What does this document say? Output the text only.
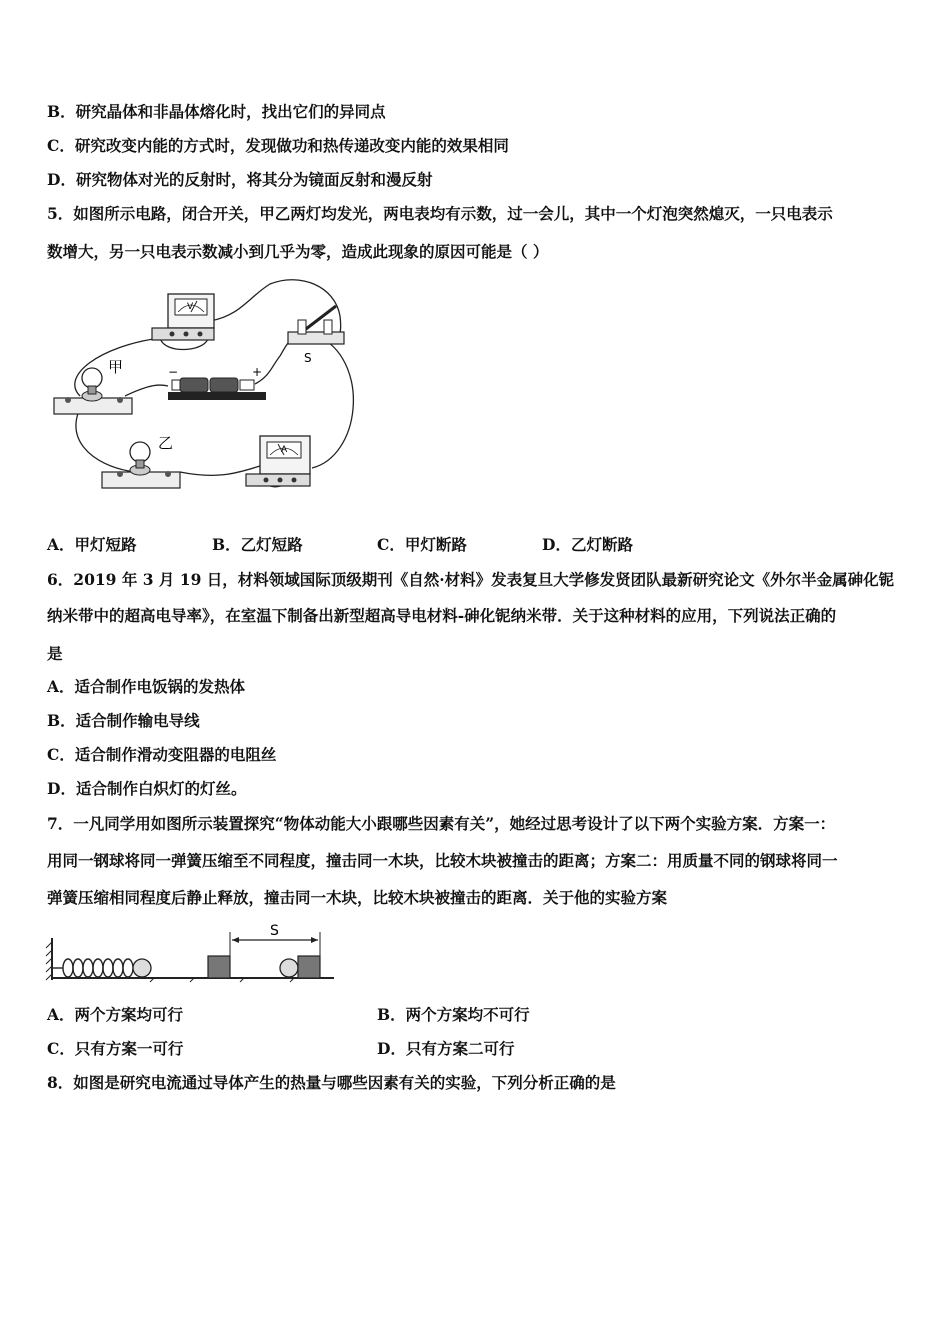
B．研究晶体和非晶体熔化时，找出它们的异同点
C．研究改变内能的方式时，发现做功和热传递改变内能的效果相同
D．研究物体对光的反射时，将其分为镜面反射和漫反射
5．如图所示电路，闭合开关，甲乙两灯均发光，两电表均有示数，过一会儿，其中一个灯泡突然熄灭，一只电表示
数增大，另一只电表示数减小到几乎为零，造成此现象的原因可能是（ ）
V
S
甲	−	+
乙	A
A．甲灯短路	B．乙灯短路	C．甲灯断路	D．乙灯断路
6．2019 年 3 月 19 日，材料领域国际顶级期刊《自然·材料》发表复旦大学修发贤团队最新研究论文《外尔半金属砷化铌
纳米带中的超高电导率》，在室温下制备出新型超高导电材料-砷化铌纳米带．关于这种材料的应用，下列说法正确的
是
A．适合制作电饭锅的发热体
B．适合制作输电导线
C．适合制作滑动变阻器的电阻丝
D．适合制作白炽灯的灯丝。
7．一凡同学用如图所示装置探究“物体动能大小跟哪些因素有关”，她经过思考设计了以下两个实验方案．方案一：
用同一钢球将同一弹簧压缩至不同程度，撞击同一木块，比较木块被撞击的距离；方案二：用质量不同的钢球将同一
弹簧压缩相同程度后静止释放，撞击同一木块，比较木块被撞击的距离．关于他的实验方案
S
A．两个方案均可行	B．两个方案均不可行
C．只有方案一可行	D．只有方案二可行
8．如图是研究电流通过导体产生的热量与哪些因素有关的实验，下列分析正确的是
